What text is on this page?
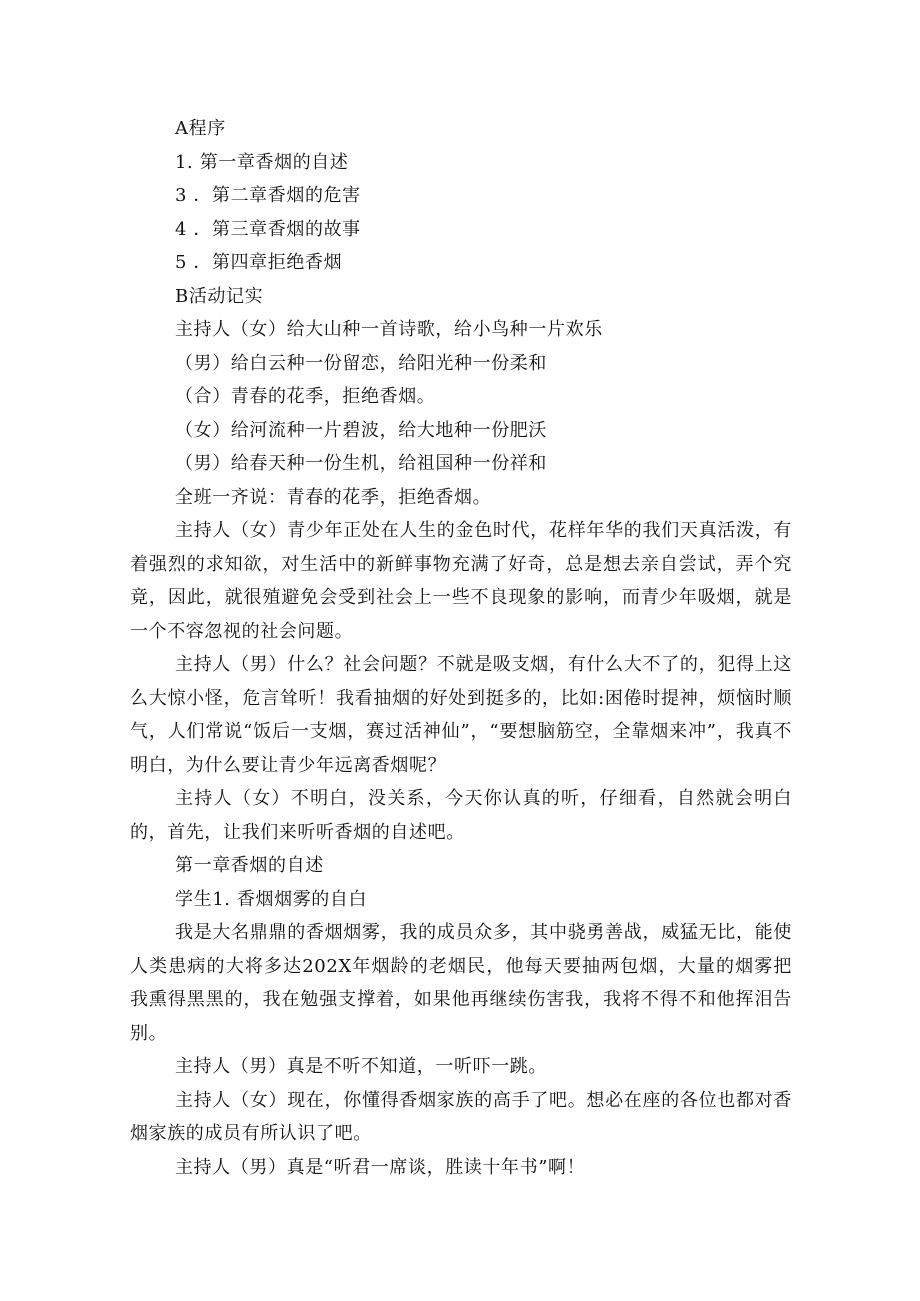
A程序
1. 第一章香烟的自述
3 ．第二章香烟的危害
4 ．第三章香烟的故事
5 ．第四章拒绝香烟
B活动记实
主持人（女）给大山种一首诗歌，给小鸟种一片欢乐
（男）给白云种一份留恋，给阳光种一份柔和
（合）青春的花季，拒绝香烟。
（女）给河流种一片碧波，给大地种一份肥沃
（男）给春天种一份生机，给祖国种一份祥和
全班一齐说：青春的花季，拒绝香烟。

主持人（女）青少年正处在人生的金色时代，花样年华的我们天真活泼，有着强烈的求知欲，对生活中的新鲜事物充满了好奇，总是想去亲自尝试，弄个究竟，因此，就很殖避免会受到社会上一些不良现象的影响，而青少年吸烟，就是一个不容忽视的社会问题。

主持人（男）什么？社会问题？不就是吸支烟，有什么大不了的，犯得上这么大惊小怪，危言耸听！我看抽烟的好处到挺多的，比如:困倦时提神，烦恼时顺气，人们常说“饭后一支烟，赛过活神仙”，“要想脑筋空，全靠烟来冲”，我真不明白，为什么要让青少年远离香烟呢？

主持人（女）不明白，没关系，今天你认真的听，仔细看，自然就会明白的，首先，让我们来听听香烟的自述吧。

第一章香烟的自述
学生1. 香烟烟雾的自白

我是大名鼎鼎的香烟烟雾，我的成员众多，其中骁勇善战，威猛无比，能使人类患病的大将多达202X年烟龄的老烟民，他每天要抽两包烟，大量的烟雾把我熏得黑黑的，我在勉强支撑着，如果他再继续伤害我，我将不得不和他挥泪告别。

主持人（男）真是不听不知道，一听吓一跳。

主持人（女）现在，你懂得香烟家族的高手了吧。想必在座的各位也都对香烟家族的成员有所认识了吧。

主持人（男）真是“听君一席谈，胜读十年书”啊！
